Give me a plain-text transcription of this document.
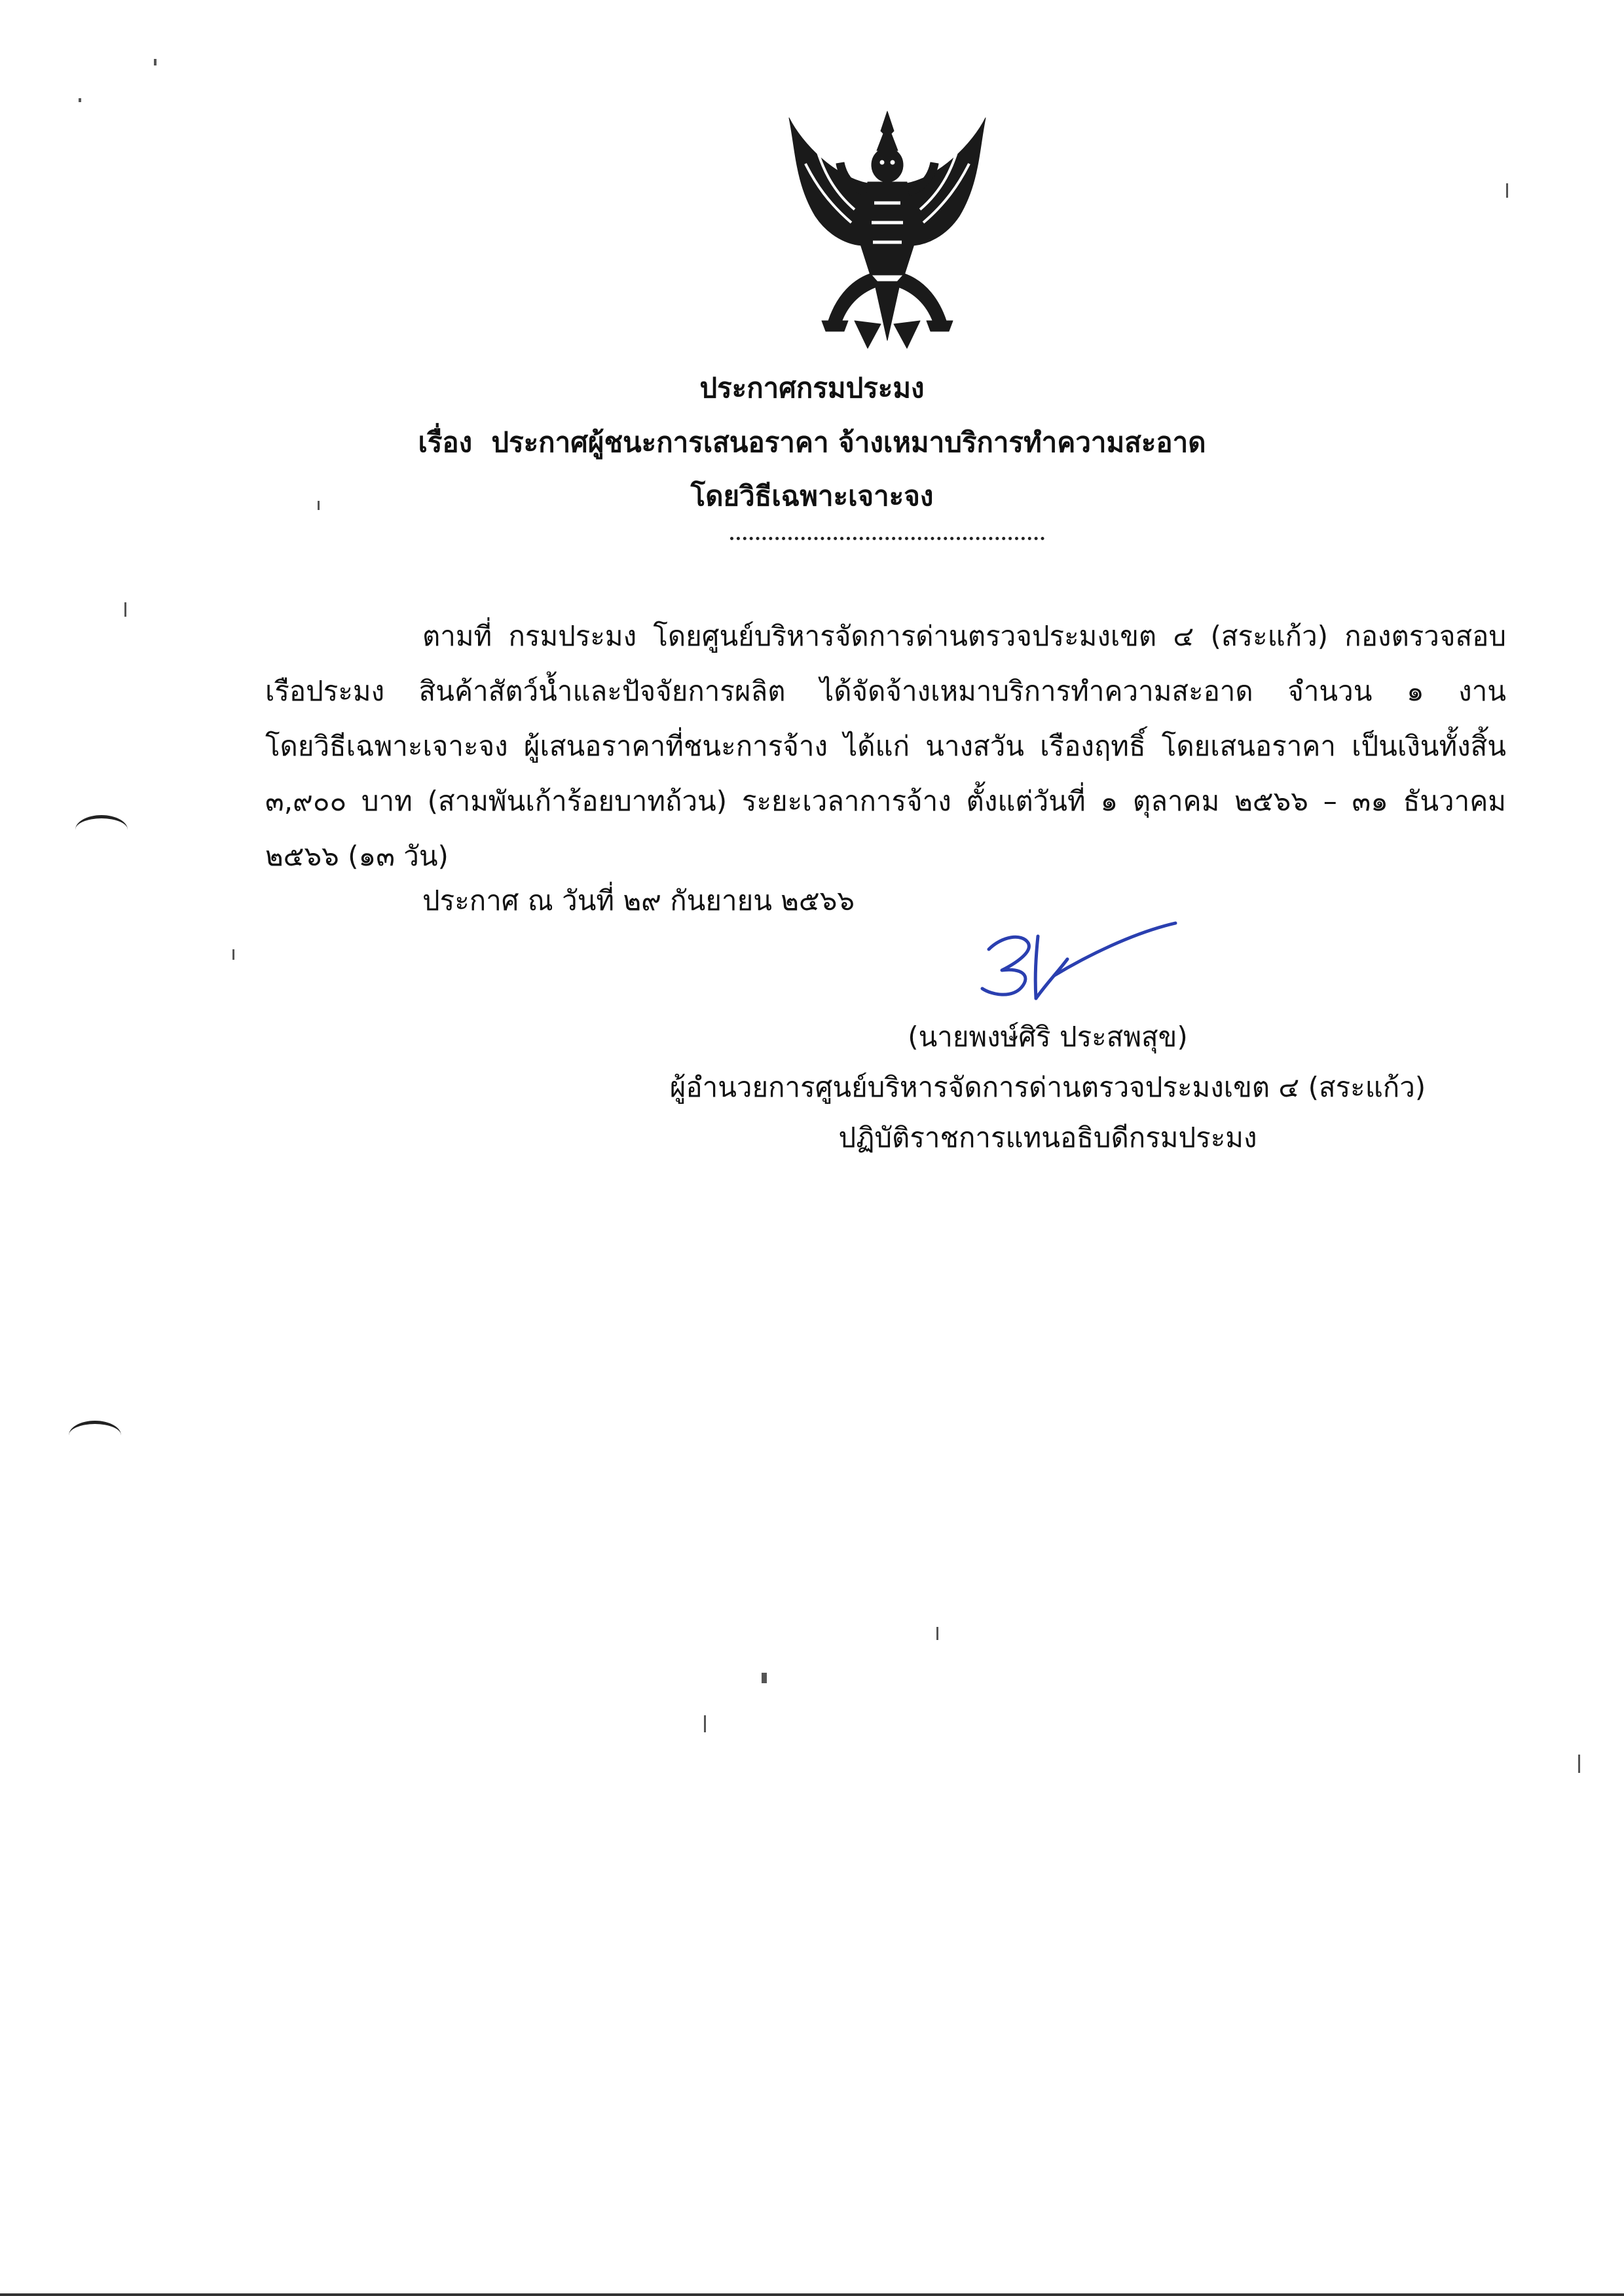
ประกาศกรมประมง
เรื่อง ประกาศผู้ชนะการเสนอราคา จ้างเหมาบริการทำความสะอาด
โดยวิธีเฉพาะเจาะจง
ตามที่ กรมประมง โดยศูนย์บริหารจัดการด่านตรวจประมงเขต ๔ (สระแก้ว) กองตรวจสอบ
เรือประมง สินค้าสัตว์น้ำและปัจจัยการผลิต ได้จัดจ้างเหมาบริการทำความสะอาด จำนวน ๑ งาน
โดยวิธีเฉพาะเจาะจง ผู้เสนอราคาที่ชนะการจ้าง ได้แก่ นางสวัน เรืองฤทธิ์ โดยเสนอราคา เป็นเงินทั้งสิ้น
๓,๙๐๐ บาท (สามพันเก้าร้อยบาทถ้วน) ระยะเวลาการจ้าง ตั้งแต่วันที่ ๑ ตุลาคม ๒๕๖๖ – ๓๑ ธันวาคม
๒๕๖๖ (๑๓ วัน)
ประกาศ ณ วันที่ ๒๙ กันยายน ๒๕๖๖
(นายพงษ์ศิริ ประสพสุข)
ผู้อำนวยการศูนย์บริหารจัดการด่านตรวจประมงเขต ๔ (สระแก้ว)
ปฏิบัติราชการแทนอธิบดีกรมประมง
